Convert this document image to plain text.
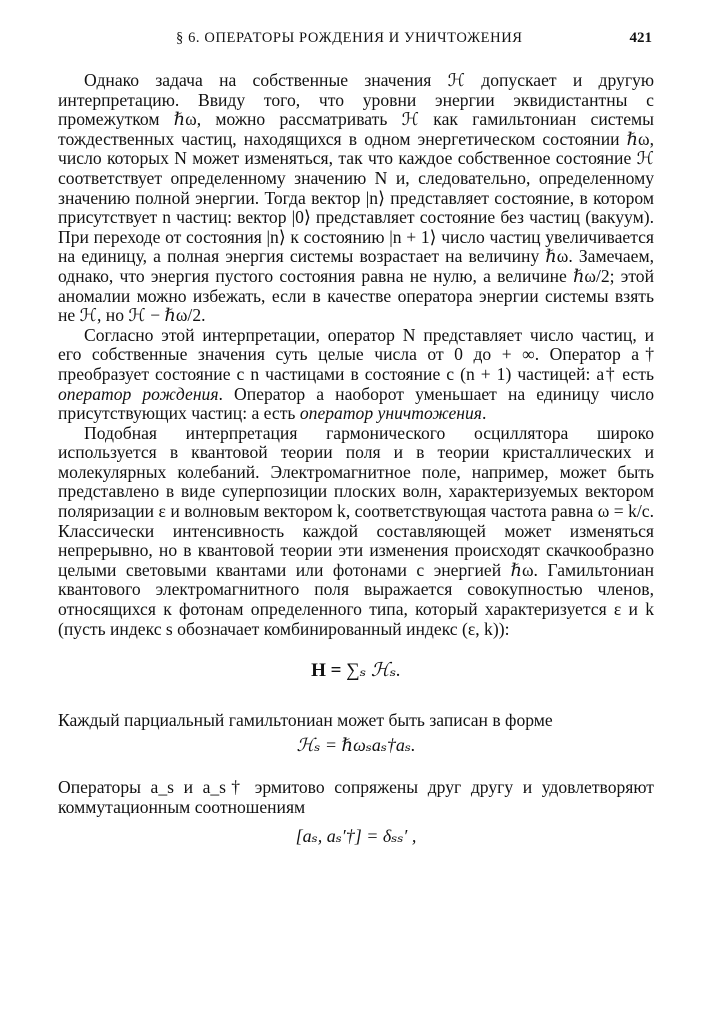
§ 6. ОПЕРАТОРЫ РОЖДЕНИЯ И УНИЧТОЖЕНИЯ	421

Однако задача на собственные значения ℋ допускает и другую интерпретацию. Ввиду того, что уровни энергии эквидистантны с промежутком ℏω, можно рассматривать ℋ как гамильтониан системы тождественных частиц, находящихся в одном энергетическом состоянии ℏω, число которых N может изменяться, так что каждое собственное состояние ℋ соответствует определенному значению N и, следовательно, определенному значению полной энергии. Тогда вектор |n⟩ представляет состояние, в котором присутствует n частиц: вектор |0⟩ представляет состояние без частиц (вакуум). При переходе от состояния |n⟩ к состоянию |n + 1⟩ число частиц увеличивается на единицу, а полная энергия системы возрастает на величину ℏω. Замечаем, однако, что энергия пустого состояния равна не нулю, а величине ℏω/2; этой аномалии можно избежать, если в качестве оператора энергии системы взять не ℋ, но ℋ − ℏω/2.

Согласно этой интерпретации, оператор N представляет число частиц, и его собственные значения суть целые числа от 0 до + ∞. Оператор a† преобразует состояние с n частицами в состояние с (n + 1) частицей: a† есть оператор рождения. Оператор a наоборот уменьшает на единицу число присутствующих частиц: a есть оператор уничтожения.

Подобная интерпретация гармонического осциллятора широко используется в квантовой теории поля и в теории кристаллических и молекулярных колебаний. Электромагнитное поле, например, может быть представлено в виде суперпозиции плоских волн, характеризуемых вектором поляризации ε и волновым вектором k, соответствующая частота равна ω = k/c. Классически интенсивность каждой составляющей может изменяться непрерывно, но в квантовой теории эти изменения происходят скачкообразно целыми световыми квантами или фотонами с энергией ℏω. Гамильтониан квантового электромагнитного поля выражается совокупностью членов, относящихся к фотонам определенного типа, который характеризуется ε и k (пусть индекс s обозначает комбинированный индекс (ε, k)):

H = ∑ₛ ℋₛ.

Каждый парциальный гамильтониан может быть записан в форме

ℋₛ = ℏωₛaₛ†aₛ.

Операторы a_s и a_s† эрмитово сопряжены друг другу и удовлетворяют коммутационным соотношениям

[aₛ, aₛ′†] = δₛₛ′ ,
